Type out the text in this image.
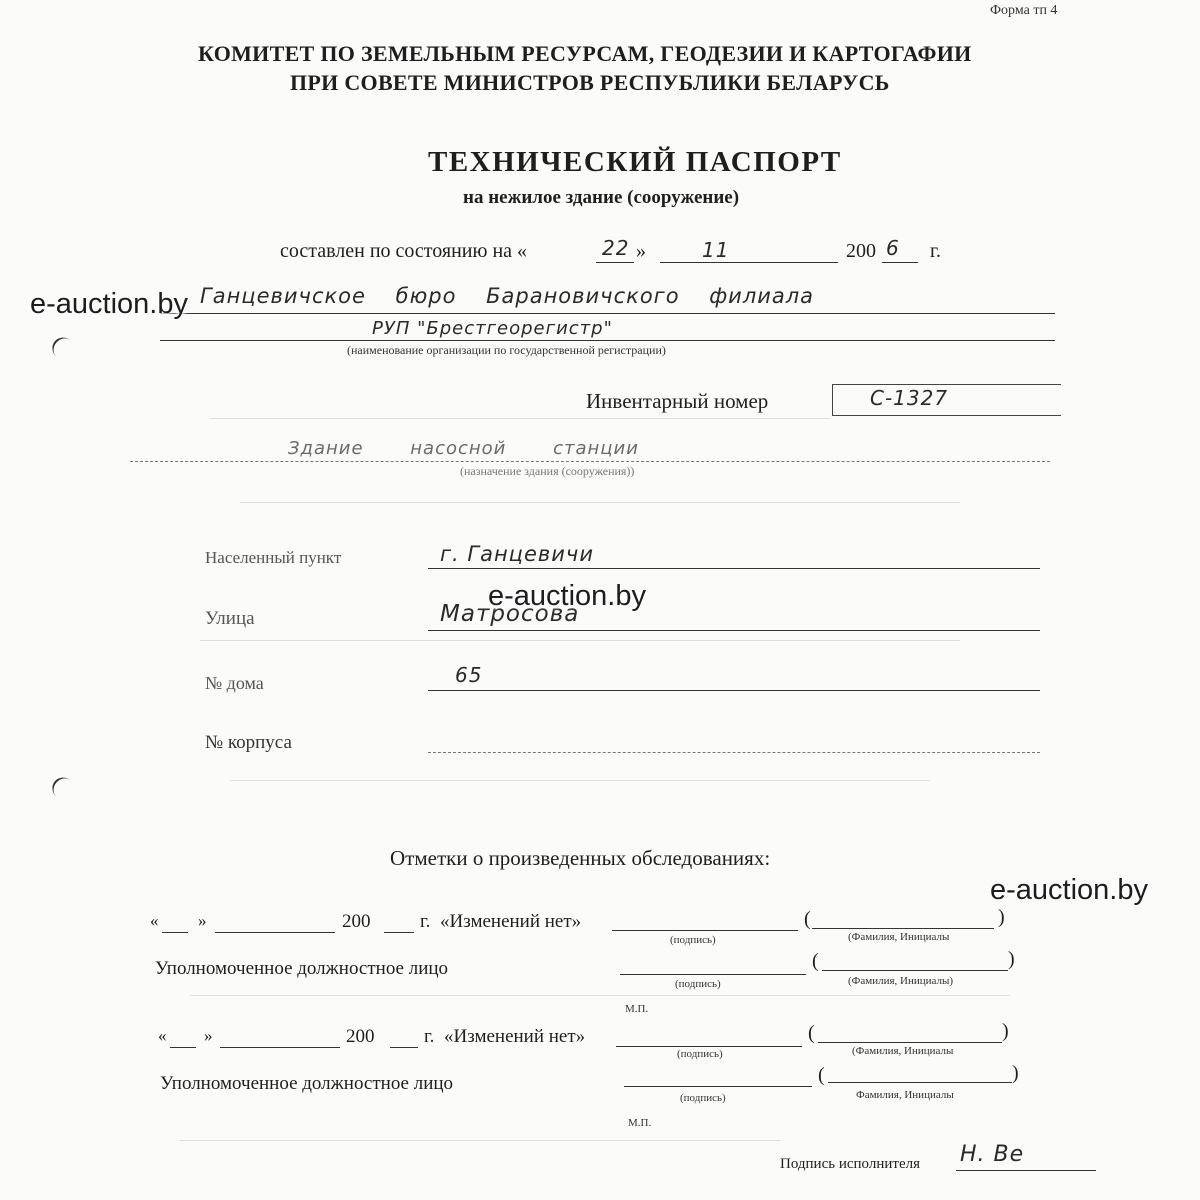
Форма тп 4
КОМИТЕТ ПО ЗЕМЕЛЬНЫМ РЕСУРСАМ, ГЕОДЕЗИИ И КАРТОГАФИИ
ПРИ СОВЕТЕ МИНИСТРОВ РЕСПУБЛИКИ БЕЛАРУСЬ
ТЕХНИЧЕСКИЙ ПАСПОРТ
на нежилое здание (сооружение)
составлен по состоянию на «	22 »	11	200 6 г.
Ганцевичское бюро Барановичского филиала
РУП "Брестгеорегистр"
(наименование организации по государственной регистрации)
Инвентарный номер	С-1327
Здание насосной станции
(назначение здания (сооружения))
Населенный пункт	г. Ганцевичи
Улица	Матросова
№ дома	65
№ корпуса
Отметки о произведенных обследованиях:
« »	200	г. «Изменений нет»	(	)
(подпись)	(Фамилия, Инициалы
Уполномоченное должностное лицо	(	)
(подпись)	(Фамилия, Инициалы)
М.П.
« »	200	г. «Изменений нет»	(	)
(подпись)	(Фамилия, Инициалы
Уполномоченное должностное лицо	(	)
(подпись)	Фамилия, Инициалы
М.П.
Подпись исполнителя Н. Ве
e-auction.by
e-auction.by
e-auction.by
